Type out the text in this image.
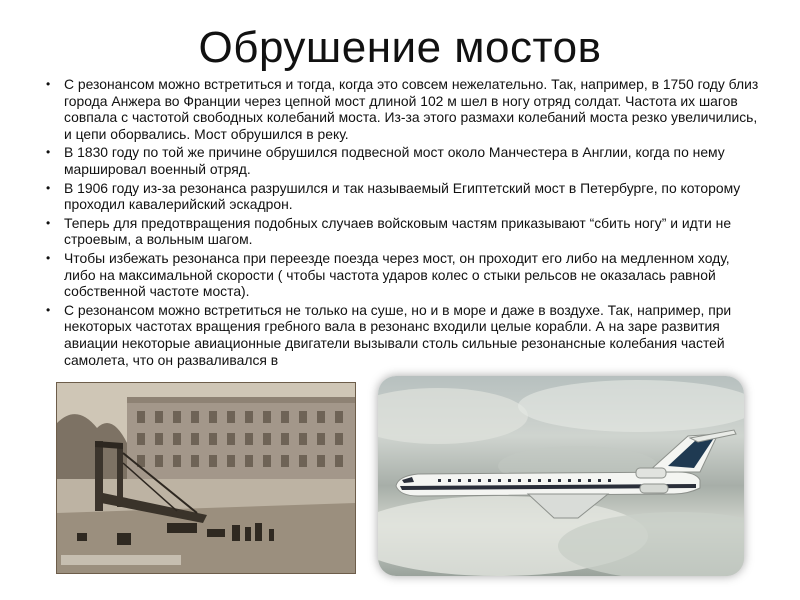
Обрушение мостов
• С резонансом можно встретиться и тогда, когда это совсем нежелательно. Так, например, в 1750 году близ города Анжера во Франции через цепной мост длиной 102 м шел в ногу отряд солдат. Частота их шагов совпала с частотой свободных колебаний моста. Из-за этого размахи колебаний моста резко увеличились, и цепи оборвались. Мост обрушился в реку.
• В 1830 году по той же причине обрушился подвесной мост около Манчестера в Англии, когда по нему маршировал военный отряд.
• В 1906 году из-за резонанса разрушился и так называемый Египтетский мост в Петербурге, по которому проходил кавалерийский эскадрон.
• Теперь для предотвращения подобных случаев войсковым частям приказывают “сбить ногу” и идти не строевым, а вольным шагом.
• Чтобы избежать резонанса при переезде поезда через мост, он проходит его либо на медленном ходу, либо на максимальной скорости ( чтобы частота ударов колес о стыки рельсов не оказалась равной собственной частоте моста).
• С резонансом можно встретиться не только на суше, но и в море и даже в воздухе. Так, например, при некоторых частотах вращения гребного вала в резонанс входили целые корабли. А на заре развития авиации некоторые авиационные двигатели вызывали столь сильные резонансные колебания частей самолета, что он разваливался в
